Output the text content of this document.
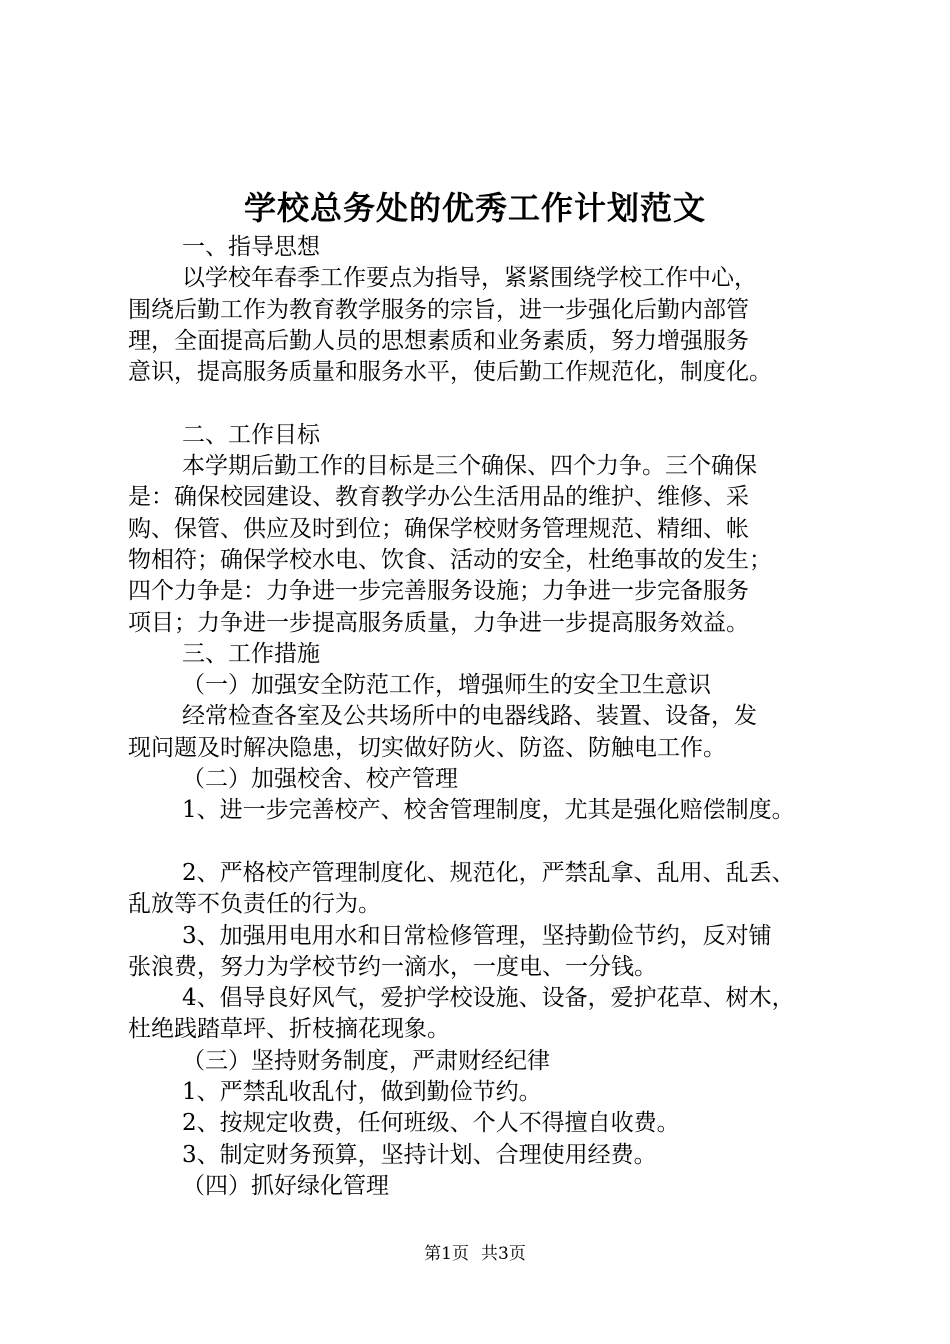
学校总务处的优秀工作计划范文
一、指导思想
以学校年春季工作要点为指导，紧紧围绕学校工作中心，
围绕后勤工作为教育教学服务的宗旨，进一步强化后勤内部管
理，全面提高后勤人员的思想素质和业务素质，努力增强服务
意识，提高服务质量和服务水平，使后勤工作规范化，制度化。
二、工作目标
本学期后勤工作的目标是三个确保、四个力争。三个确保
是：确保校园建设、教育教学办公生活用品的维护、维修、采
购、保管、供应及时到位；确保学校财务管理规范、精细、帐
物相符；确保学校水电、饮食、活动的安全，杜绝事故的发生；
四个力争是：力争进一步完善服务设施；力争进一步完备服务
项目；力争进一步提高服务质量，力争进一步提高服务效益。
三、工作措施
（一）加强安全防范工作，增强师生的安全卫生意识
经常检查各室及公共场所中的电器线路、装置、设备，发
现问题及时解决隐患，切实做好防火、防盗、防触电工作。
（二）加强校舍、校产管理
1、进一步完善校产、校舍管理制度，尤其是强化赔偿制度。
2、严格校产管理制度化、规范化，严禁乱拿、乱用、乱丢、
乱放等不负责任的行为。
3、加强用电用水和日常检修管理，坚持勤俭节约，反对铺
张浪费，努力为学校节约一滴水，一度电、一分钱。
4、倡导良好风气，爱护学校设施、设备，爱护花草、树木，
杜绝践踏草坪、折枝摘花现象。
（三）坚持财务制度，严肃财经纪律
1、严禁乱收乱付，做到勤俭节约。
2、按规定收费，任何班级、个人不得擅自收费。
3、制定财务预算，坚持计划、合理使用经费。
（四）抓好绿化管理
第1页 共3页
